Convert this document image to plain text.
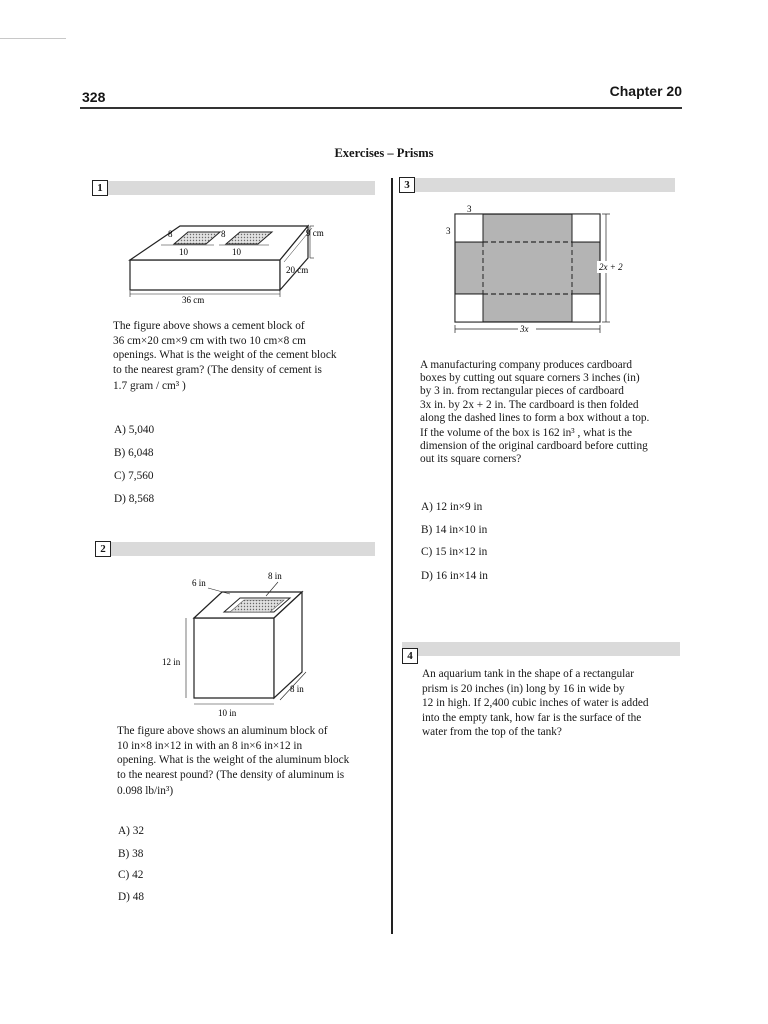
328	Chapter 20
Exercises – Prisms
1
8	8
10	10
9 cm
20 cm
36 cm
The figure above shows a cement block of
36 cm×20 cm×9 cm with two 10 cm×8 cm
openings. What is the weight of the cement block
to the nearest gram? (The density of cement is
1.7 gram / cm³ )
A) 5,040
B) 6,048
C) 7,560
D) 8,568
2
6 in
8 in
12 in
8 in
10 in
The figure above shows an aluminum block of
10 in×8 in×12 in with an 8 in×6 in×12 in
opening. What is the weight of the aluminum block
to the nearest pound? (The density of aluminum is
0.098 lb/in³)
A) 32
B) 38
C) 42
D) 48
3
3
3
2x + 2
3x
A manufacturing company produces cardboard
boxes by cutting out square corners 3 inches (in)
by 3 in. from rectangular pieces of cardboard
3x in. by 2x + 2 in. The cardboard is then folded
along the dashed lines to form a box without a top.
If the volume of the box is 162 in³ , what is the
dimension of the original cardboard before cutting
out its square corners?
A) 12 in×9 in
B) 14 in×10 in
C) 15 in×12 in
D) 16 in×14 in
4
An aquarium tank in the shape of a rectangular
prism is 20 inches (in) long by 16 in wide by
12 in high. If 2,400 cubic inches of water is added
into the empty tank, how far is the surface of the
water from the top of the tank?
